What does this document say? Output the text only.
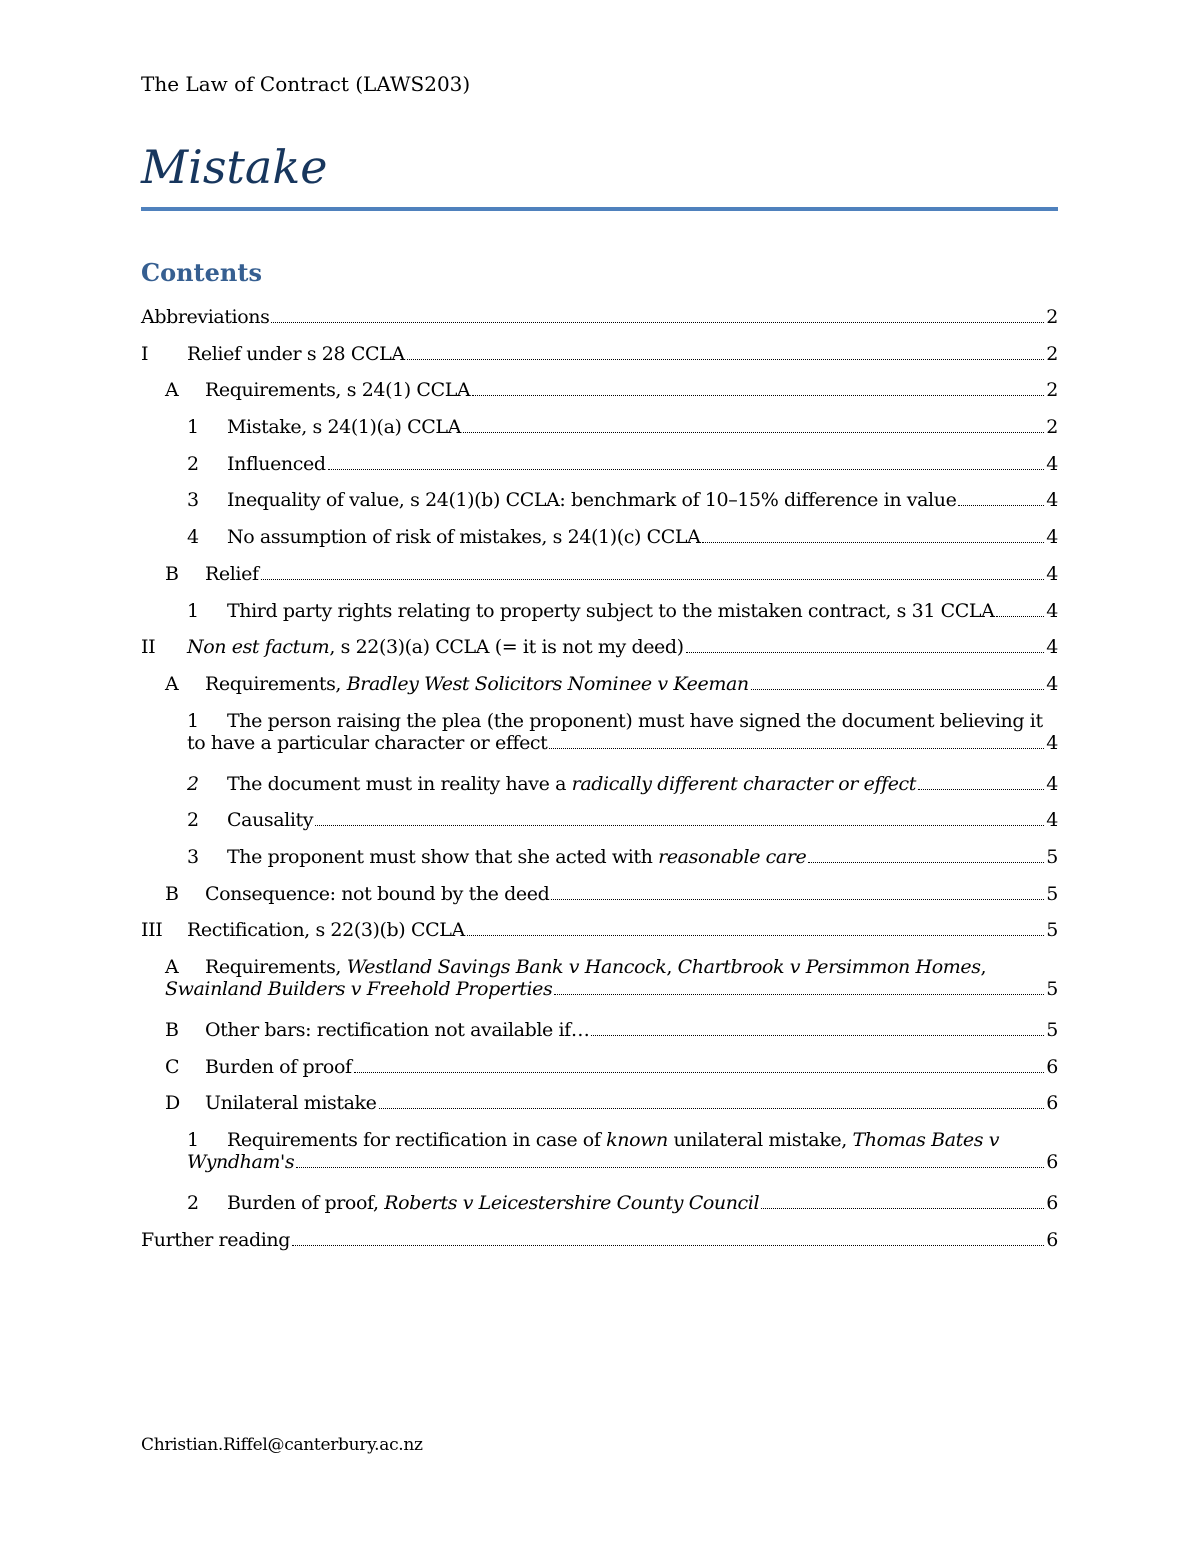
The Law of Contract (LAWS203)
Mistake
Contents
Abbreviations	2
I	Relief under s 28 CCLA	2
A	Requirements, s 24(1) CCLA	2
1	Mistake, s 24(1)(a) CCLA	2
2	Influenced	4
3	Inequality of value, s 24(1)(b) CCLA: benchmark of 10–15% difference in value	4
4	No assumption of risk of mistakes, s 24(1)(c) CCLA	4
B	Relief	4
1	Third party rights relating to property subject to the mistaken contract, s 31 CCLA	4
II	Non est factum, s 22(3)(a) CCLA (= it is not my deed)	4
A	Requirements, Bradley West Solicitors Nominee v Keeman	4
1 The person raising the plea (the proponent) must have signed the document believing it
to have a particular character or effect	4
2	The document must in reality have a radically different character or effect	4
2	Causality	4
3	The proponent must show that she acted with reasonable care	5
B	Consequence: not bound by the deed	5
III	Rectification, s 22(3)(b) CCLA	5
A Requirements, Westland Savings Bank v Hancock, Chartbrook v Persimmon Homes,
Swainland Builders v Freehold Properties	5
B	Other bars: rectification not available if…	5
C	Burden of proof	6
D	Unilateral mistake	6
1 Requirements for rectification in case of known unilateral mistake, Thomas Bates v
Wyndham's	6
2	Burden of proof, Roberts v Leicestershire County Council	6
Further reading	6
Christian.Riffel@canterbury.ac.nz
